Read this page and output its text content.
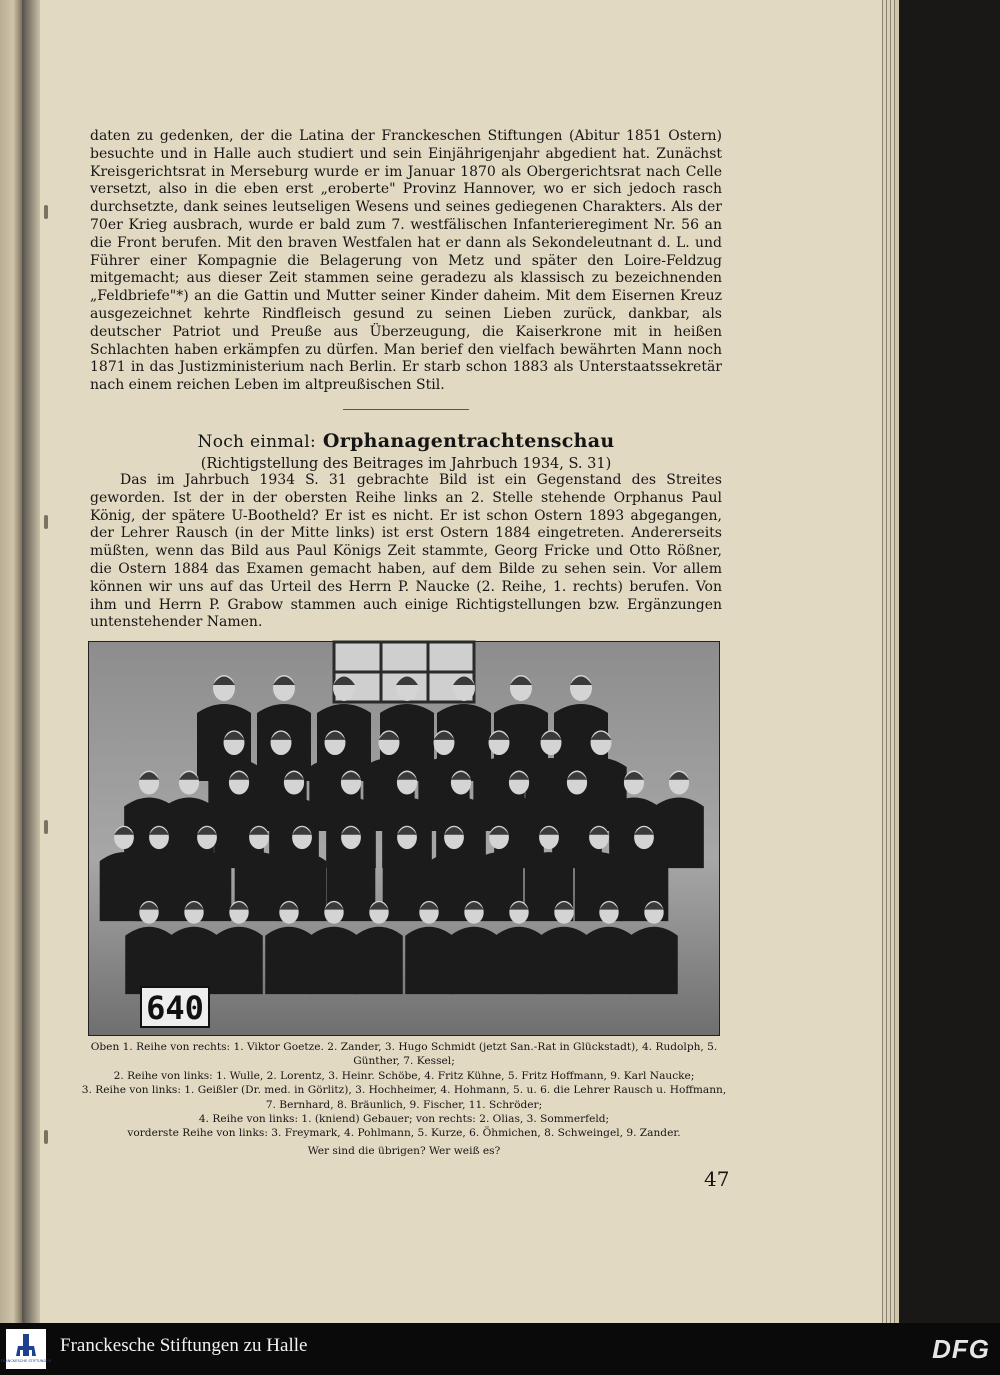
daten zu gedenken, der die Latina der Franckeschen Stiftungen (Abitur 1851 Ostern) besuchte und in Halle auch studiert und sein Einjährigenjahr abgedient hat. Zunächst Kreisgerichtsrat in Merseburg wurde er im Januar 1870 als Obergerichtsrat nach Celle versetzt, also in die eben erst „eroberte" Provinz Hannover, wo er sich jedoch rasch durchsetzte, dank seines leutseligen Wesens und seines gediegenen Charakters. Als der 70er Krieg ausbrach, wurde er bald zum 7. westfälischen Infanterieregiment Nr. 56 an die Front berufen. Mit den braven Westfalen hat er dann als Sekondeleutnant d. L. und Führer einer Kompagnie die Belagerung von Metz und später den Loire-Feldzug mitgemacht; aus dieser Zeit stammen seine geradezu als klassisch zu bezeichnenden „Feldbriefe"*) an die Gattin und Mutter seiner Kinder daheim. Mit dem Eisernen Kreuz ausgezeichnet kehrte Rindfleisch gesund zu seinen Lieben zurück, dankbar, als deutscher Patriot und Preuße aus Überzeugung, die Kaiserkrone mit in heißen Schlachten haben erkämpfen zu dürfen. Man berief den vielfach bewährten Mann noch 1871 in das Justizministerium nach Berlin. Er starb schon 1883 als Unterstaatssekretär nach einem reichen Leben im altpreußischen Stil.

Noch einmal: Orphanagentrachtenschau

(Richtigstellung des Beitrages im Jahrbuch 1934, S. 31)

Das im Jahrbuch 1934 S. 31 gebrachte Bild ist ein Gegenstand des Streites geworden. Ist der in der obersten Reihe links an 2. Stelle stehende Orphanus Paul König, der spätere U-Bootheld? Er ist es nicht. Er ist schon Ostern 1893 abgegangen, der Lehrer Rausch (in der Mitte links) ist erst Ostern 1884 eingetreten. Andererseits müßten, wenn das Bild aus Paul Königs Zeit stammte, Georg Fricke und Otto Rößner, die Ostern 1884 das Examen gemacht haben, auf dem Bilde zu sehen sein. Vor allem können wir uns auf das Urteil des Herrn P. Naucke (2. Reihe, 1. rechts) berufen. Von ihm und Herrn P. Grabow stammen auch einige Richtigstellungen bzw. Ergänzungen untenstehender Namen.

640

Oben 1. Reihe von rechts: 1. Viktor Goetze. 2. Zander, 3. Hugo Schmidt (jetzt San.-Rat in Glückstadt), 4. Rudolph, 5. Günther, 7. Kessel;

2. Reihe von links: 1. Wulle, 2. Lorentz, 3. Heinr. Schöbe, 4. Fritz Kühne, 5. Fritz Hoffmann, 9. Karl Naucke;

3. Reihe von links: 1. Geißler (Dr. med. in Görlitz), 3. Hochheimer, 4. Hohmann, 5. u. 6. die Lehrer Rausch u. Hoffmann, 7. Bernhard, 8. Bräunlich, 9. Fischer, 11. Schröder;

4. Reihe von links: 1. (kniend) Gebauer; von rechts: 2. Olias, 3. Sommerfeld;

vorderste Reihe von links: 3. Freymark, 4. Pohlmann, 5. Kurze, 6. Öhmichen, 8. Schweingel, 9. Zander.

Wer sind die übrigen? Wer weiß es?

47
FRANCKESCHE STIFTUNGEN
Franckesche Stiftungen zu Halle	DFG
